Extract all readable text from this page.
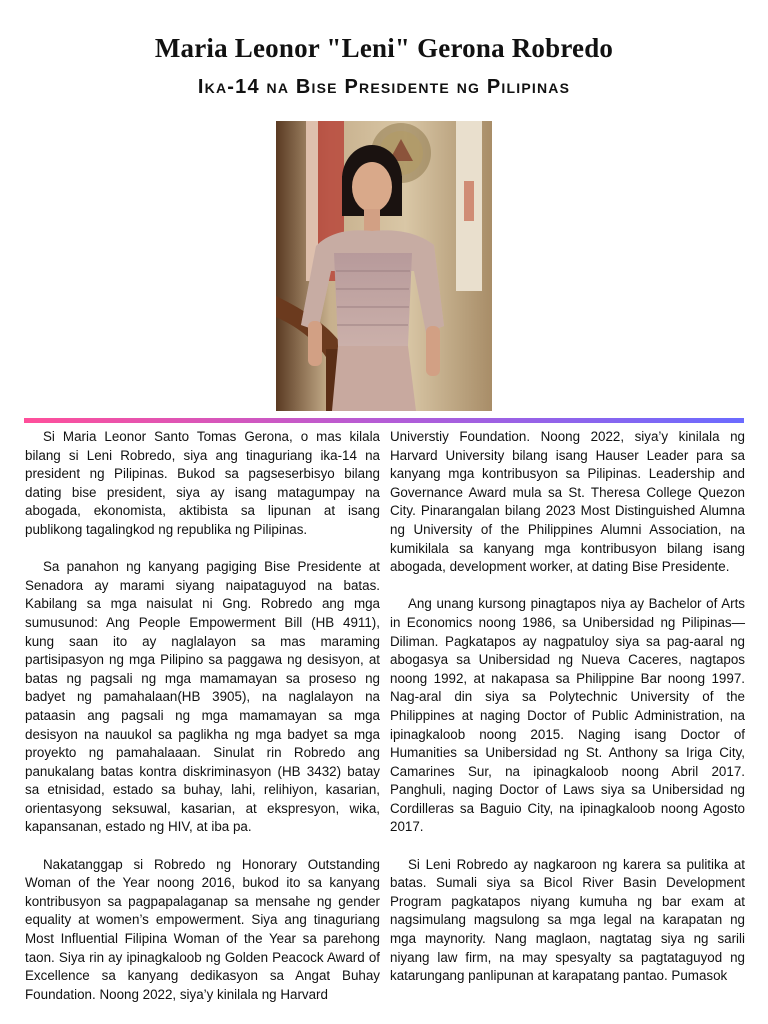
Maria Leonor "Leni" Gerona Robredo
Ika-14 na Bise Presidente ng Pilipinas

Si Maria Leonor Santo Tomas Gerona, o mas kilala bilang si Leni Robredo, siya ang tinaguriang ika-14 na president ng Pilipinas. Bukod sa pagseserbisyo bilang dating bise president, siya ay isang matagumpay na abogada, ekonomista, aktibista sa lipunan at isang publikong tagalingkod ng republika ng Pilipinas.

Sa panahon ng kanyang pagiging Bise Presidente at Senadora ay marami siyang naipataguyod na batas. Kabilang sa mga naisulat ni Gng. Robredo ang mga sumusunod: Ang People Empowerment Bill (HB 4911), kung saan ito ay naglalayon sa mas maraming partisipasyon ng mga Pilipino sa paggawa ng desisyon, at batas ng pagsali ng mga mamamayan sa proseso ng badyet ng pamahalaan(HB 3905), na naglalayon na pataasin ang pagsali ng mga mamamayan sa mga desisyon na nauukol sa paglikha ng mga badyet sa mga proyekto ng pamahalaaan. Sinulat rin Robredo ang panukalang batas kontra diskriminasyon (HB 3432) batay sa etnisidad, estado sa buhay, lahi, relihiyon, kasarian, orientasyong seksuwal, kasarian, at ekspresyon, wika, kapansanan, estado ng HIV, at iba pa.

Nakatanggap si Robredo ng Honorary Outstanding Woman of the Year noong 2016, bukod ito sa kanyang kontribusyon sa pagpapalaganap sa mensahe ng gender equality at women’s empowerment. Siya ang tinaguriang Most Influential Filipina Woman of the Year sa parehong taon. Siya rin ay ipinagkaloob ng Golden Peacock Award of Excellence sa kanyang dedikasyon sa Angat Buhay Foundation. Noong 2022, siya’y kinilala ng Harvard

Universtiy Foundation. Noong 2022, siya’y kinilala ng Harvard University bilang isang Hauser Leader para sa kanyang mga kontribusyon sa Pilipinas. Leadership and Governance Award mula sa St. Theresa College Quezon City. Pinarangalan bilang 2023 Most Distinguished Alumna ng University of the Philippines Alumni Association, na kumikilala sa kanyang mga kontribusyon bilang isang abogada, development worker, at dating Bise Presidente.

Ang unang kursong pinagtapos niya ay Bachelor of Arts in Economics noong 1986, sa Unibersidad ng Pilipinas—Diliman. Pagkatapos ay nagpatuloy siya sa pag-aaral ng abogasya sa Unibersidad ng Nueva Caceres, nagtapos noong 1992, at nakapasa sa Philippine Bar noong 1997. Nag-aral din siya sa Polytechnic University of the Philippines at naging Doctor of Public Administration, na ipinagkaloob noong 2015. Naging isang Doctor of Humanities sa Unibersidad ng St. Anthony sa Iriga City, Camarines Sur, na ipinagkaloob noong Abril 2017. Panghuli, naging Doctor of Laws siya sa Unibersidad ng Cordilleras sa Baguio City, na ipinagkaloob noong Agosto 2017.

Si Leni Robredo ay nagkaroon ng karera sa pulitika at batas. Sumali siya sa Bicol River Basin Development Program pagkatapos niyang kumuha ng bar exam at nagsimulang magsulong sa mga legal na karapatan ng mga maynority. Nang maglaon, nagtatag siya ng sarili niyang law firm, na may spesyalty sa pagtataguyod ng katarungang panlipunan at karapatang pantao. Pumasok
